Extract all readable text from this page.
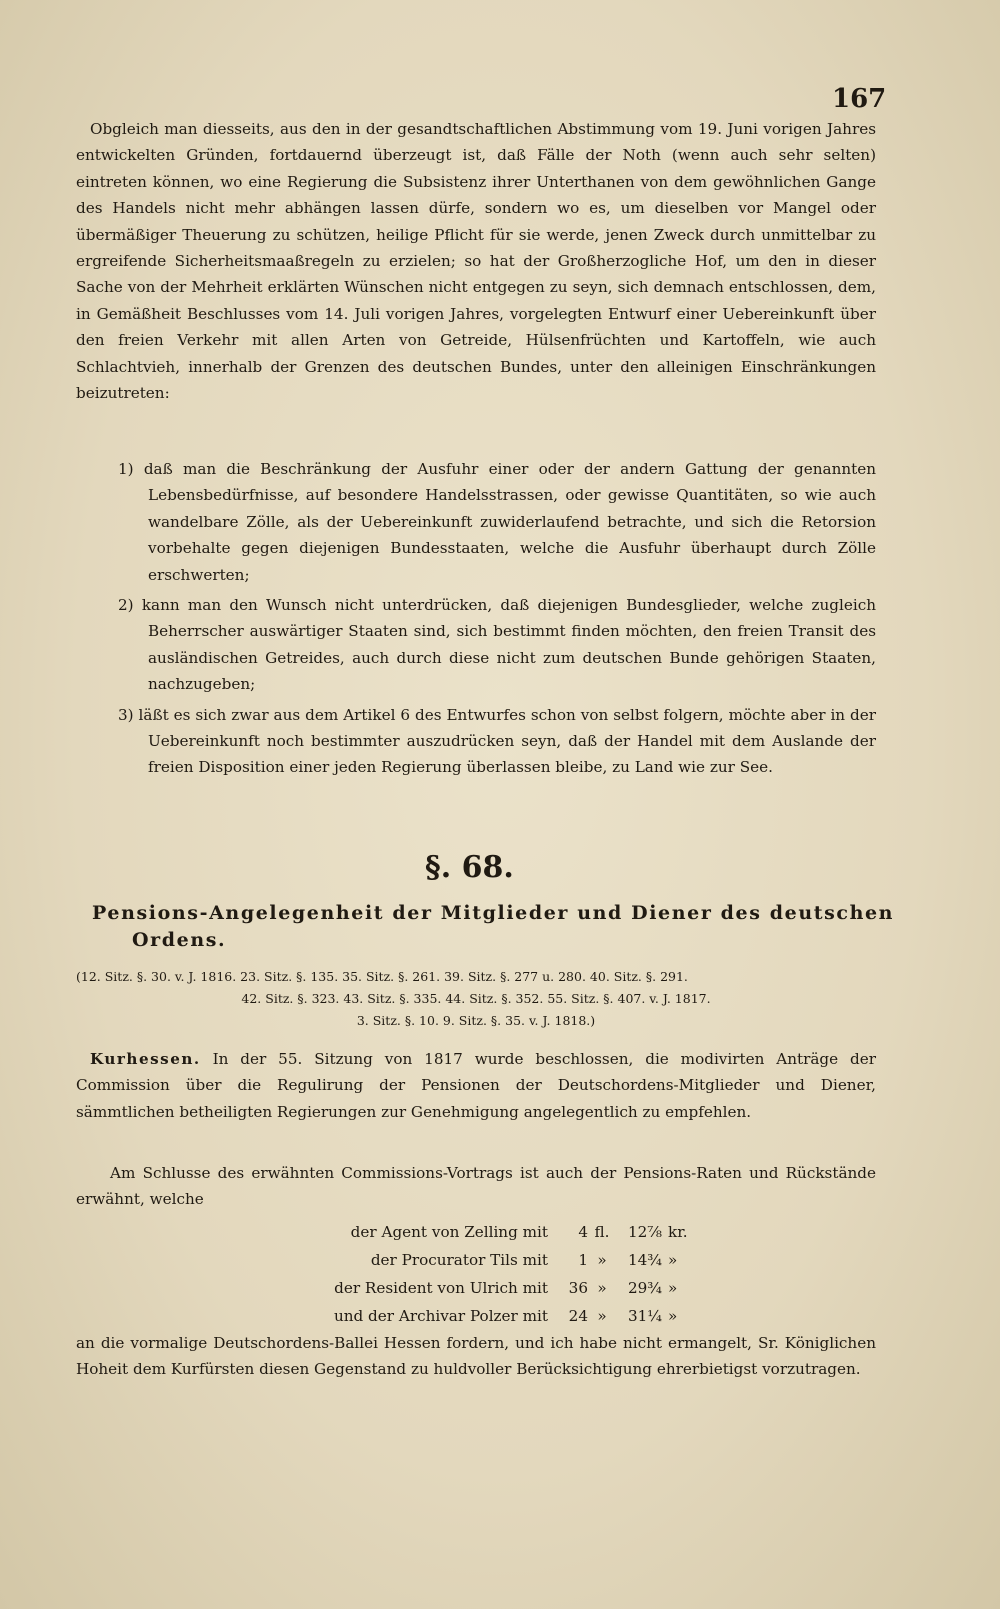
167

Obgleich man diesseits, aus den in der gesandtschaftlichen Abstimmung vom 19. Juni vorigen Jahres entwickelten Gründen, fortdauernd überzeugt ist, daß Fälle der Noth (wenn auch sehr selten) eintreten können, wo eine Regierung die Subsistenz ihrer Unterthanen von dem gewöhnlichen Gange des Handels nicht mehr abhängen lassen dürfe, sondern wo es, um dieselben vor Mangel oder übermäßiger Theuerung zu schützen, heilige Pflicht für sie werde, jenen Zweck durch unmittelbar zu ergreifende Sicherheitsmaaßregeln zu erzielen; so hat der Großherzogliche Hof, um den in dieser Sache von der Mehrheit erklärten Wünschen nicht entgegen zu seyn, sich demnach entschlossen, dem, in Gemäßheit Beschlusses vom 14. Juli vorigen Jahres, vorgelegten Entwurf einer Uebereinkunft über den freien Verkehr mit allen Arten von Getreide, Hülsenfrüchten und Kartoffeln, wie auch Schlachtvieh, innerhalb der Grenzen des deutschen Bundes, unter den alleinigen Einschränkungen beizutreten:

1) daß man die Beschränkung der Ausfuhr einer oder der andern Gattung der genannten Lebensbedürfnisse, auf besondere Handelsstrassen, oder gewisse Quantitäten, so wie auch wandelbare Zölle, als der Uebereinkunft zuwiderlaufend betrachte, und sich die Retorsion vorbehalte gegen diejenigen Bundesstaaten, welche die Ausfuhr überhaupt durch Zölle erschwerten;
2) kann man den Wunsch nicht unterdrücken, daß diejenigen Bundesglieder, welche zugleich Beherrscher auswärtiger Staaten sind, sich bestimmt finden möchten, den freien Transit des ausländischen Getreides, auch durch diese nicht zum deutschen Bunde gehörigen Staaten, nachzugeben;
3) läßt es sich zwar aus dem Artikel 6 des Entwurfes schon von selbst folgern, möchte aber in der Uebereinkunft noch bestimmter auszudrücken seyn, daß der Handel mit dem Auslande der freien Disposition einer jeden Regierung überlassen bleibe, zu Land wie zur See.
§. 68.
Pensions-Angelegenheit der Mitglieder und Diener des deutschen Ordens.
(12. Sitz. §. 30. v. J. 1816. 23. Sitz. §. 135. 35. Sitz. §. 261. 39. Sitz. §. 277 u. 280. 40. Sitz. §. 291.
42. Sitz. §. 323. 43. Sitz. §. 335. 44. Sitz. §. 352. 55. Sitz. §. 407. v. J. 1817.
3. Sitz. §. 10. 9. Sitz. §. 35. v. J. 1818.)

Kurhessen. In der 55. Sitzung von 1817 wurde beschlossen, die modivirten Anträge der Commission über die Regulirung der Pensionen der Deutschordens-Mitglieder und Diener, sämmtlichen betheiligten Regierungen zur Genehmigung angelegentlich zu empfehlen.

Am Schlusse des erwähnten Commissions-Vortrags ist auch der Pensions-Raten und Rückstände erwähnt, welche

der Agent von Zelling mit	4 fl.	12⅞ kr.
der Procurator Tils mit	1 »	14¾ »
der Resident von Ulrich mit	36 »	29¾ »
und der Archivar Polzer mit	24 »	31¼ »

an die vormalige Deutschordens-Ballei Hessen fordern, und ich habe nicht ermangelt, Sr. Königlichen Hoheit dem Kurfürsten diesen Gegenstand zu huldvoller Berücksichtigung ehrerbietigst vorzutragen.
